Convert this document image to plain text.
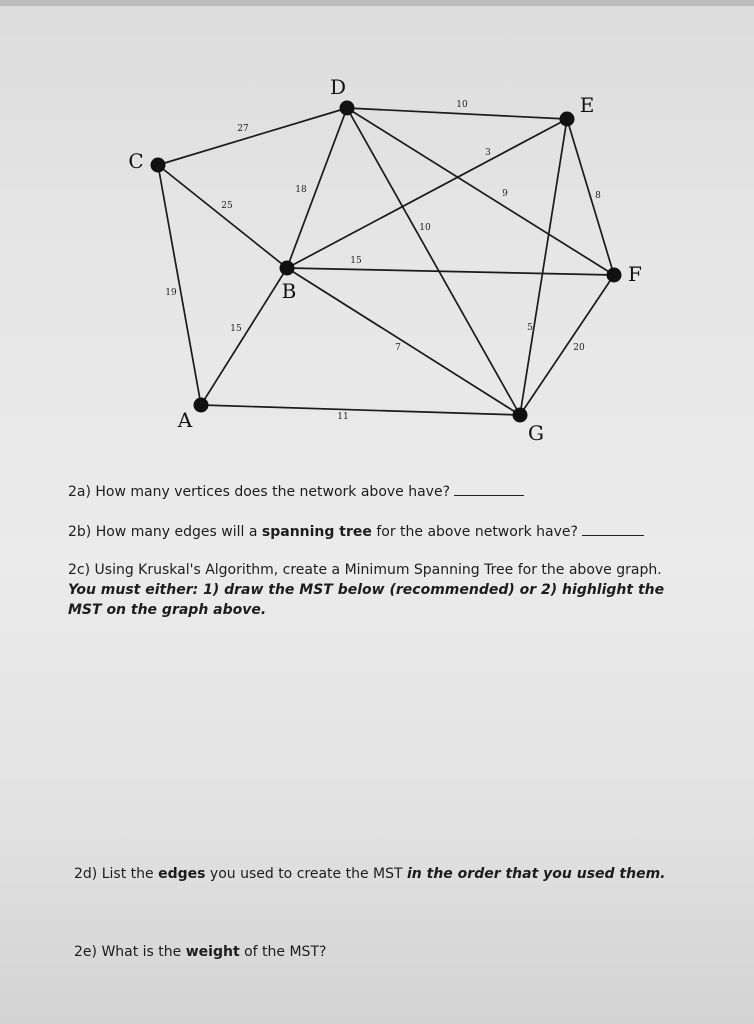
27
10
25
19
18
10
9
3
15
15
7
8
5
20
11
A
B
C
D
E
F
G
2a) How many vertices does the network above have?
2b) How many edges will a spanning tree for the above network have?
2c) Using Kruskal's Algorithm, create a Minimum Spanning Tree for the above graph. You must either: 1) draw the MST below (recommended) or 2) highlight the MST on the graph above.
2d) List the edges you used to create the MST in the order that you used them.
2e) What is the weight of the MST?
